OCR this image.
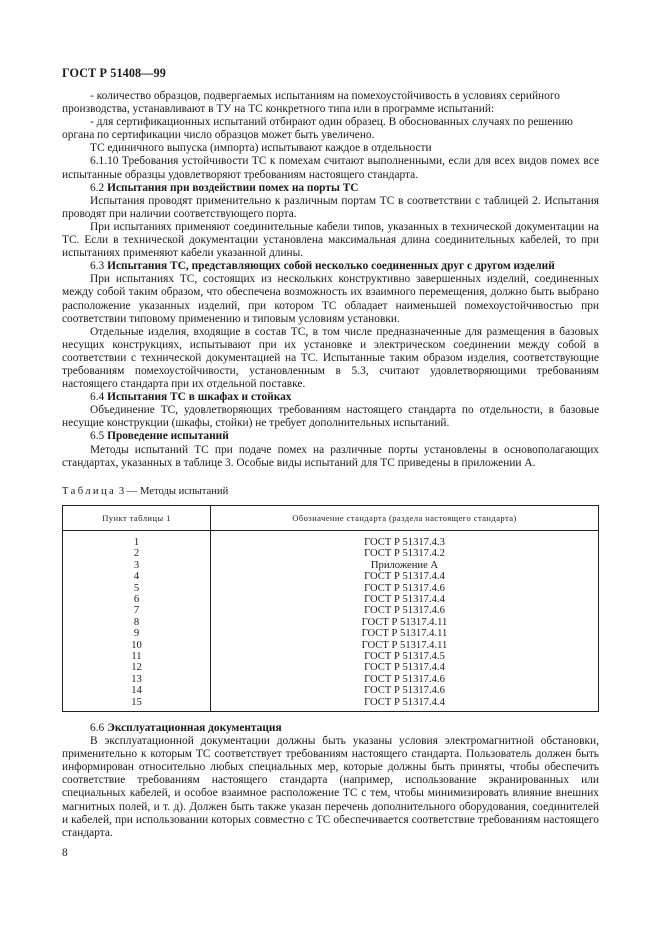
ГОСТ Р 51408—99

- количество образцов, подвергаемых испытаниям на помехоустойчивость в условиях серийного производства, устанавливают в ТУ на ТС конкретного типа или в программе испытаний:

- для сертификационных испытаний отбирают один образец. В обоснованных случаях по решению органа по сертификации число образцов может быть увеличено.

ТС единичного выпуска (импорта) испытывают каждое в отдельности

6.1.10 Требования устойчивости ТС к помехам считают выполненными, если для всех видов помех все испытанные образцы удовлетворяют требованиям настоящего стандарта.

6.2 Испытания при воздействии помех на порты ТС

Испытания проводят применительно к различным портам ТС в соответствии с таблицей 2. Испытания проводят при наличии соответствующего порта.

При испытаниях применяют соединительные кабели типов, указанных в технической документации на ТС. Если в технической документации установлена максимальная длина соединительных кабелей, то при испытаниях применяют кабели указанной длины.

6.3 Испытания ТС, представляющих собой несколько соединенных друг с другом изделий

При испытаниях ТС, состоящих из нескольких конструктивно завершенных изделий, соединенных между собой таким образом, что обеспечена возможность их взаимного перемещения, должно быть выбрано расположение указанных изделий, при котором ТС обладает наименьшей помехоустойчивостью при соответствии типовому применению и типовым условиям установки.

Отдельные изделия, входящие в состав ТС, в том числе предназначенные для размещения в базовых несущих конструкциях, испытывают при их установке и электрическом соединении между собой в соответствии с технической документацией на ТС. Испытанные таким образом изделия, соответствующие требованиям помехоустойчивости, установленным в 5.3, считают удовлетворяющими требованиям настоящего стандарта при их отдельной поставке.

6.4 Испытания ТС в шкафах и стойках

Объединение ТС, удовлетворяющих требованиям настоящего стандарта по отдельности, в базовые несущие конструкции (шкафы, стойки) не требует дополнительных испытаний.

6.5 Проведение испытаний

Методы испытаний ТС при подаче помех на различные порты установлены в основополагающих стандартах, указанных в таблице 3. Особые виды испытаний для ТС приведены в приложении А.

Таблица 3 — Методы испытаний
Пункт таблицы 1	Обозначение стандарта (раздела настоящего стандарта)
1	ГОСТ Р 51317.4.3
2	ГОСТ Р 51317.4.2
3	Приложение А
4	ГОСТ Р 51317.4.4
5	ГОСТ Р 51317.4.6
6	ГОСТ Р 51317.4.4
7	ГОСТ Р 51317.4.6
8	ГОСТ Р 51317.4.11
9	ГОСТ Р 51317.4.11
10	ГОСТ Р 51317.4.11
11	ГОСТ Р 51317.4.5
12	ГОСТ Р 51317.4.4
13	ГОСТ Р 51317.4.6
14	ГОСТ Р 51317.4.6
15	ГОСТ Р 51317.4.4

6.6 Эксплуатационная документация

В эксплуатационной документации должны быть указаны условия электромагнитной обстановки, применительно к которым ТС соответствует требованиям настоящего стандарта. Пользователь должен быть информирован относительно любых специальных мер, которые должны быть приняты, чтобы обеспечить соответствие требованиям настоящего стандарта (например, использование экранированных или специальных кабелей, и особое взаимное расположение ТС с тем, чтобы минимизировать влияние внешних магнитных полей, и т. д). Должен быть также указан перечень дополнительного оборудования, соединителей и кабелей, при использовании которых совместно с ТС обеспечивается соответствие требованиям настоящего стандарта.

8
